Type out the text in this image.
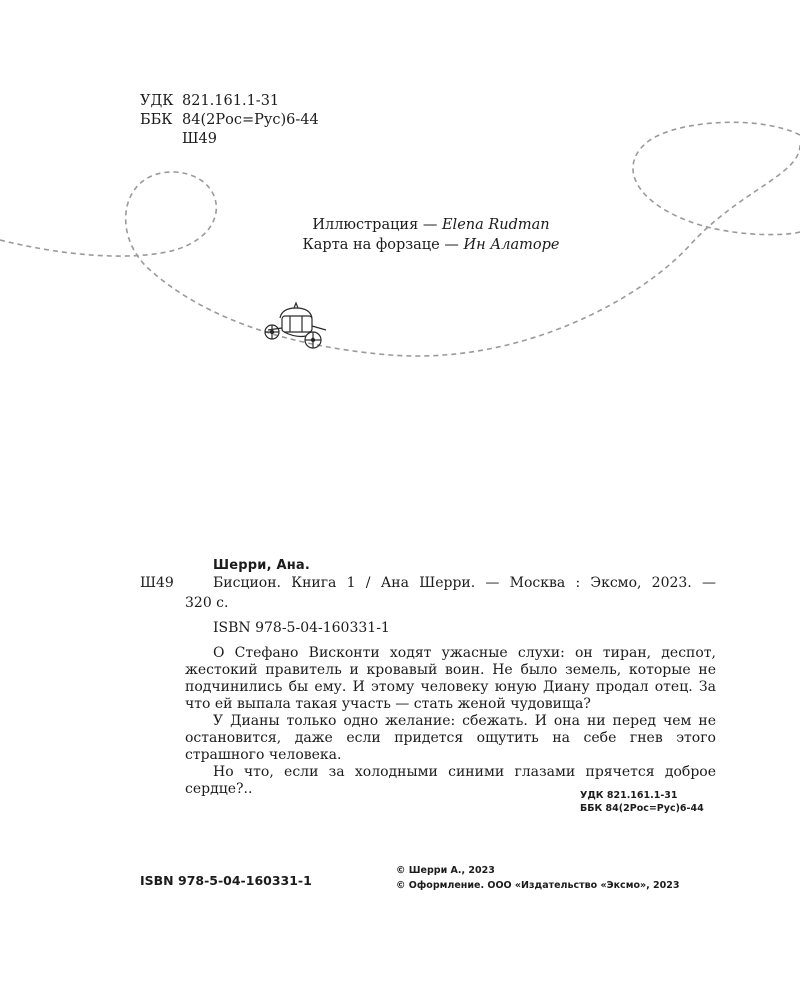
УДК 821.161.1-31
ББК 84(2Рос=Рус)6-44
Ш49
Иллюстрация — Elena Rudman
Карта на форзаце — Ин Алаторе
Шерри, Ана.
Ш49	Бисцион. Книга 1 / Ана Шерри. — Москва : Эксмо, 2023. —
320 с.
ISBN 978-5-04-160331-1

О Стефано Висконти ходят ужасные слухи: он тиран, деспот, жестокий правитель и кровавый воин. Не было земель, которые не подчинились бы ему. И этому человеку юную Диану продал отец. За что ей выпала такая участь — стать женой чудовища?

У Дианы только одно желание: сбежать. И она ни перед чем не остановится, даже если придется ощутить на себе гнев этого страшного человека.

Но что, если за холодными синими глазами прячется доброе сердце?..	УДК 821.161.1-31
ББК 84(2Рос=Рус)6-44
ISBN 978-5-04-160331-1
© Шерри А., 2023
© Оформление. ООО «Издательство «Эксмо», 2023
